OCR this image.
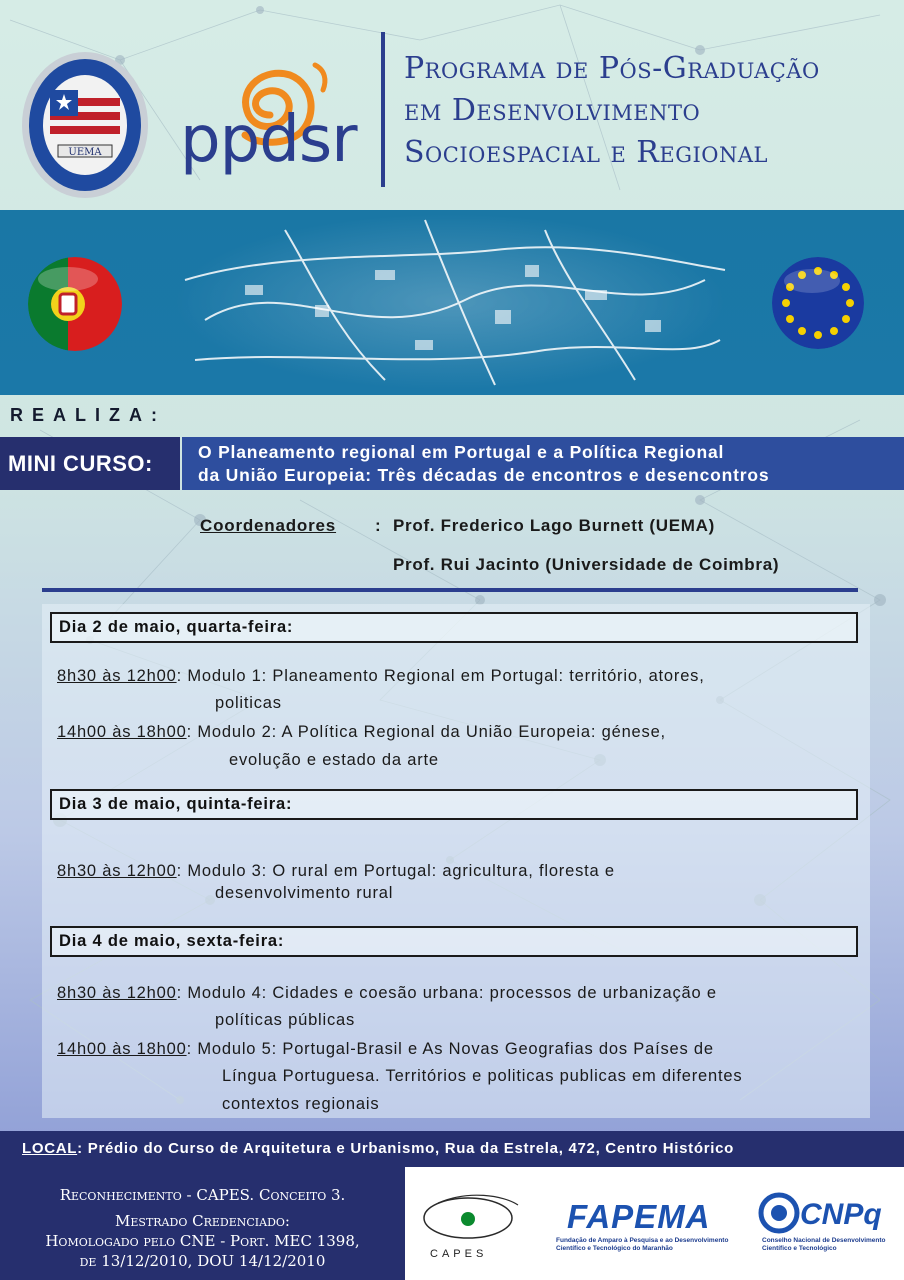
UEMA ppdsr
Programa de Pós-Graduação
em Desenvolvimento
Socioespacial e Regional
REALIZA:
MINI CURSO:	O Planeamento regional em Portugal e a Política Regional
da União Europeia: Três décadas de encontros e desencontros
Coordenadores : Prof. Frederico Lago Burnett (UEMA)
Prof. Rui Jacinto (Universidade de Coimbra)
Dia 2 de maio, quarta-feira:
8h30 às 12h00: Modulo 1: Planeamento Regional em Portugal: território, atores,
politicas
14h00 às 18h00: Modulo 2: A Política Regional da União Europeia: génese,
evolução e estado da arte
Dia 3 de maio, quinta-feira:
8h30 às 12h00: Modulo 3: O rural em Portugal: agricultura, floresta e
desenvolvimento rural
Dia 4 de maio, sexta-feira:
8h30 às 12h00: Modulo 4: Cidades e coesão urbana: processos de urbanização e
políticas públicas
14h00 às 18h00: Modulo 5: Portugal-Brasil e As Novas Geografias dos Países de
Língua Portuguesa. Territórios e politicas publicas em diferentes
contextos regionais
LOCAL: Prédio do Curso de Arquitetura e Urbanismo, Rua da Estrela, 472, Centro Histórico
Reconhecimento - CAPES. Conceito 3.
Mestrado Credenciado:
Homologado pelo CNE - Port. MEC 1398,
de 13/12/2010, DOU 14/12/2010	CAPES
FAPEMA
Fundação de Amparo à Pesquisa e ao Desenvolvimento Científico e Tecnológico do Maranhão
CNPq
Conselho Nacional de Desenvolvimento Científico e Tecnológico
